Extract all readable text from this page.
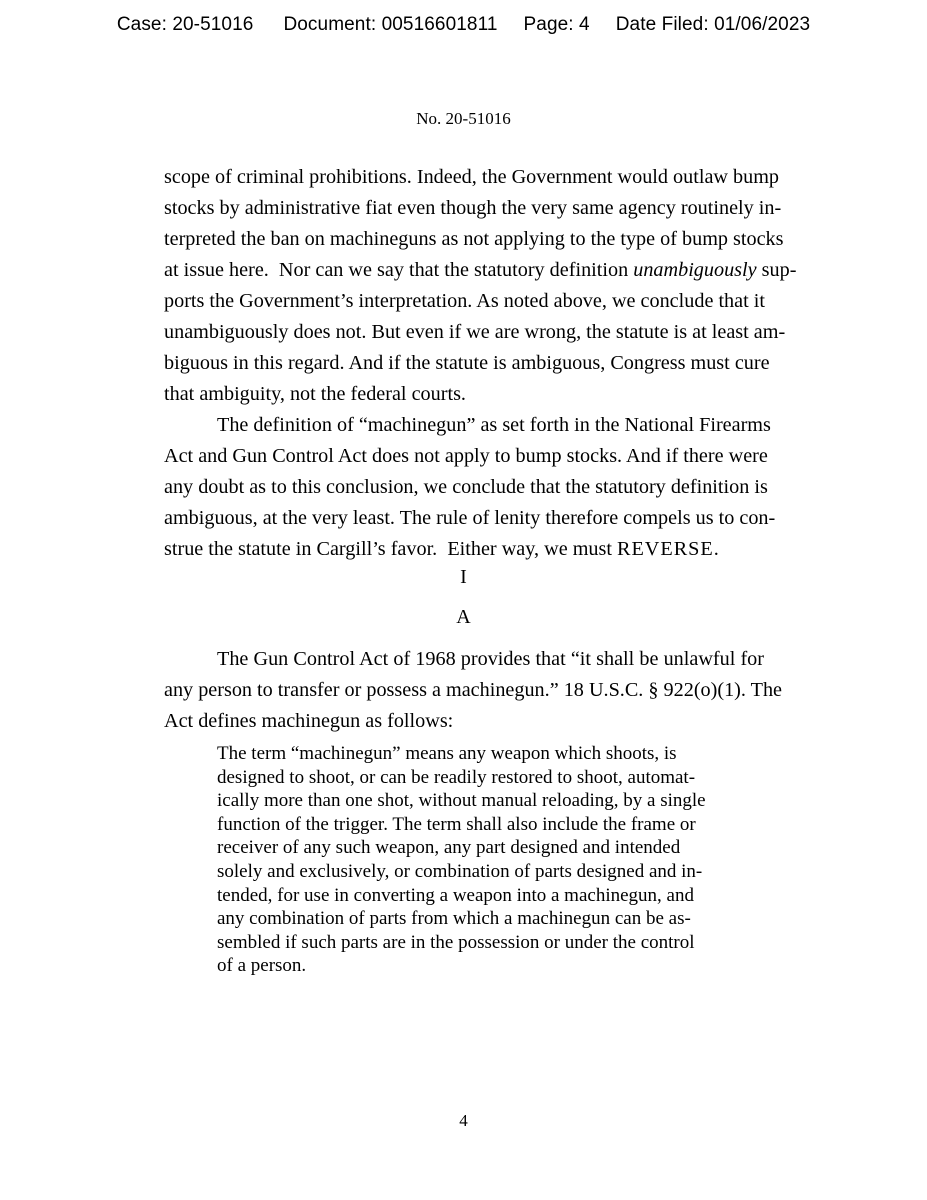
Case: 20-51016 Document: 00516601811 Page: 4 Date Filed: 01/06/2023
No. 20-51016
scope of criminal prohibitions. Indeed, the Government would outlaw bump
stocks by administrative fiat even though the very same agency routinely in-
terpreted the ban on machineguns as not applying to the type of bump stocks
at issue here.  Nor can we say that the statutory definition unambiguously sup-
ports the Government’s interpretation. As noted above, we conclude that it
unambiguously does not. But even if we are wrong, the statute is at least am-
biguous in this regard. And if the statute is ambiguous, Congress must cure
that ambiguity, not the federal courts.
The definition of “machinegun” as set forth in the National Firearms
Act and Gun Control Act does not apply to bump stocks. And if there were
any doubt as to this conclusion, we conclude that the statutory definition is
ambiguous, at the very least. The rule of lenity therefore compels us to con-
strue the statute in Cargill’s favor.  Either way, we must REVERSE.
I
A
The Gun Control Act of 1968 provides that “it shall be unlawful for
any person to transfer or possess a machinegun.” 18 U.S.C. § 922(o)(1). The
Act defines machinegun as follows:
The term “machinegun” means any weapon which shoots, is
designed to shoot, or can be readily restored to shoot, automat-
ically more than one shot, without manual reloading, by a single
function of the trigger. The term shall also include the frame or
receiver of any such weapon, any part designed and intended
solely and exclusively, or combination of parts designed and in-
tended, for use in converting a weapon into a machinegun, and
any combination of parts from which a machinegun can be as-
sembled if such parts are in the possession or under the control
of a person.
4
